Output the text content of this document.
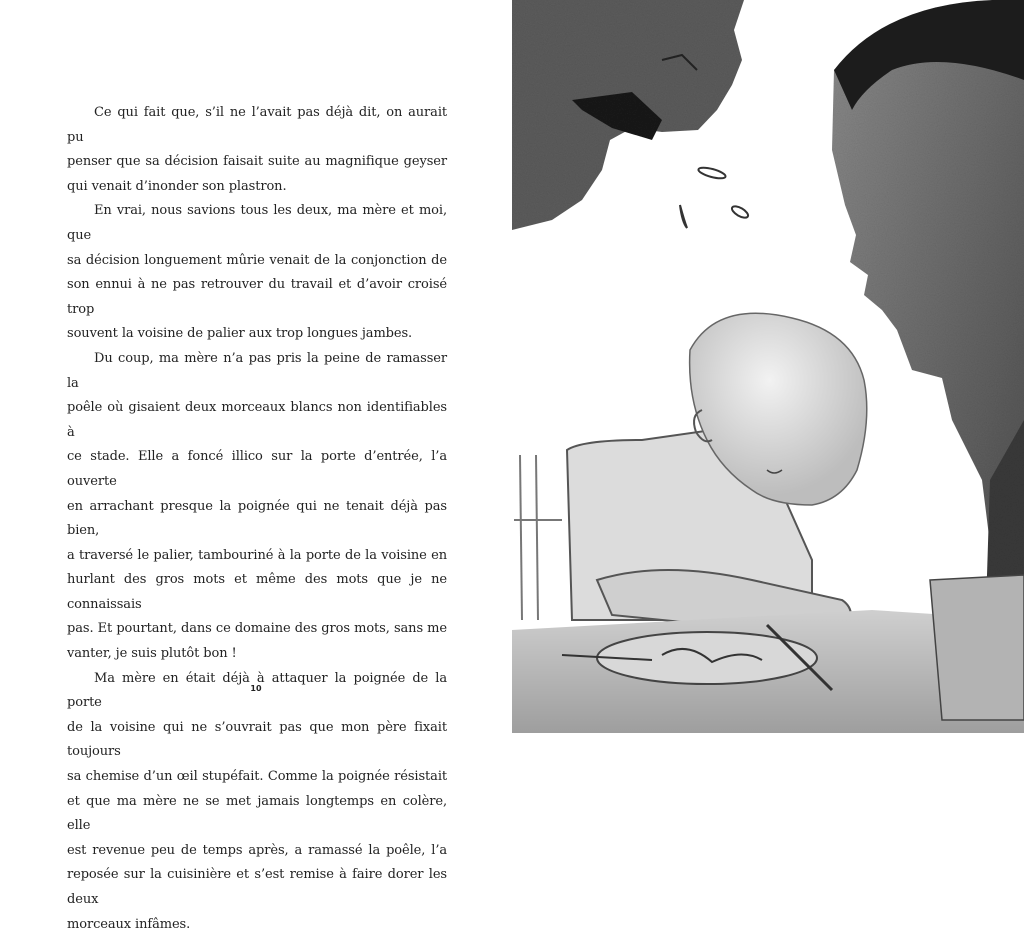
Ce qui fait que, s’il ne l’avait pas déjà dit, on aurait pu
penser que sa décision faisait suite au magnifique geyser
qui venait d’inonder son plastron.

En vrai, nous savions tous les deux, ma mère et moi, que
sa décision longuement mûrie venait de la conjonction de
son ennui à ne pas retrouver du travail et d’avoir croisé trop
souvent la voisine de palier aux trop longues jambes.

Du coup, ma mère n’a pas pris la peine de ramasser la
poêle où gisaient deux morceaux blancs non identifiables à
ce stade. Elle a foncé illico sur la porte d’entrée, l’a ouverte
en arrachant presque la poignée qui ne tenait déjà pas bien,
a traversé le palier, tambouriné à la porte de la voisine en
hurlant des gros mots et même des mots que je ne connaissais
pas. Et pourtant, dans ce domaine des gros mots, sans me
vanter, je suis plutôt bon !

Ma mère en était déjà à attaquer la poignée de la porte
de la voisine qui ne s’ouvrait pas que mon père fixait toujours
sa chemise d’un œil stupéfait. Comme la poignée résistait
et que ma mère ne se met jamais longtemps en colère, elle
est revenue peu de temps après, a ramassé la poêle, l’a
reposée sur la cuisinière et s’est remise à faire dorer les deux
morceaux infâmes.

10
